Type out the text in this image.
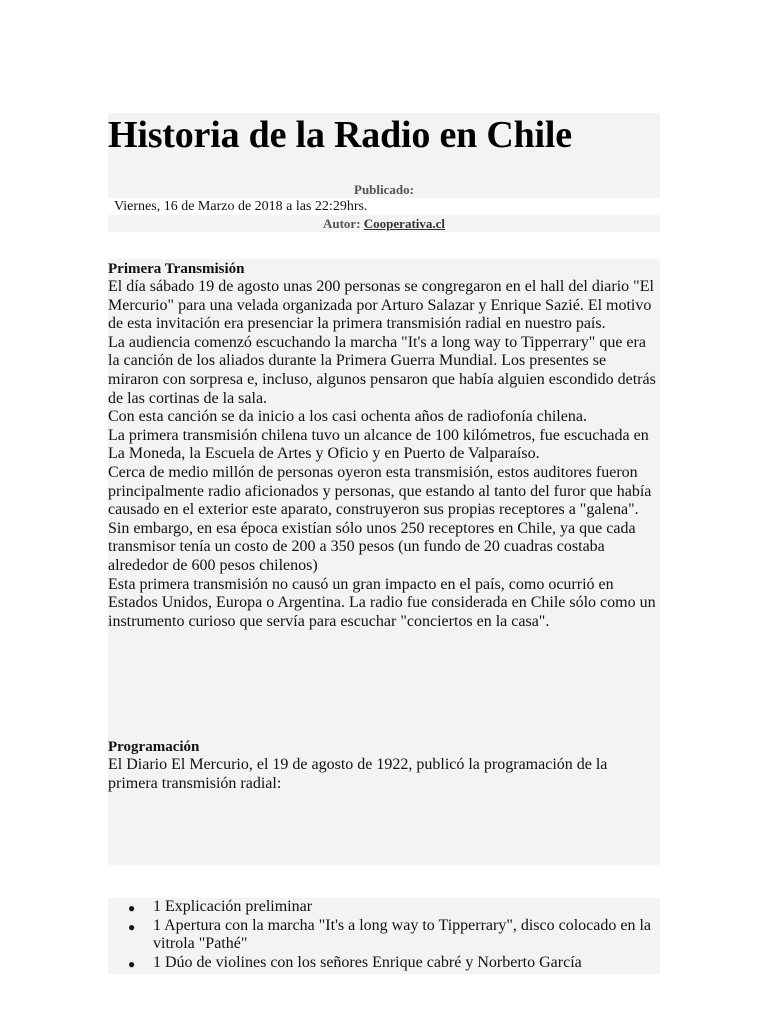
Historia de la Radio en Chile
Publicado:
Viernes, 16 de Marzo de 2018 a las 22:29hrs.
Autor: Cooperativa.cl
Primera Transmisión

El día sábado 19 de agosto unas 200 personas se congregaron en el hall del diario "El Mercurio" para una velada organizada por Arturo Salazar y Enrique Sazié. El motivo de esta invitación era presenciar la primera transmisión radial en nuestro país.

La audiencia comenzó escuchando la marcha "It's a long way to Tipperrary" que era la canción de los aliados durante la Primera Guerra Mundial. Los presentes se miraron con sorpresa e, incluso, algunos pensaron que había alguien escondido detrás de las cortinas de la sala.

Con esta canción se da inicio a los casi ochenta años de radiofonía chilena.

La primera transmisión chilena tuvo un alcance de 100 kilómetros, fue escuchada en La Moneda, la Escuela de Artes y Oficio y en Puerto de Valparaíso.

Cerca de medio millón de personas oyeron esta transmisión, estos auditores fueron principalmente radio aficionados y personas, que estando al tanto del furor que había causado en el exterior este aparato, construyeron sus propias receptores a "galena".

Sin embargo, en esa época existían sólo unos 250 receptores en Chile, ya que cada transmisor tenía un costo de 200 a 350 pesos (un fundo de 20 cuadras costaba alrededor de 600 pesos chilenos)

Esta primera transmisión no causó un gran impacto en el país, como ocurrió en Estados Unidos, Europa o Argentina. La radio fue considerada en Chile sólo como un instrumento curioso que servía para escuchar "conciertos en la casa".

Programación

El Diario El Mercurio, el 19 de agosto de 1922, publicó la programación de la primera transmisión radial:

● 1 Explicación preliminar
● 1 Apertura con la marcha "It's a long way to Tipperrary", disco colocado en la vitrola "Pathé"
● 1 Dúo de violines con los señores Enrique cabré y Norberto García
